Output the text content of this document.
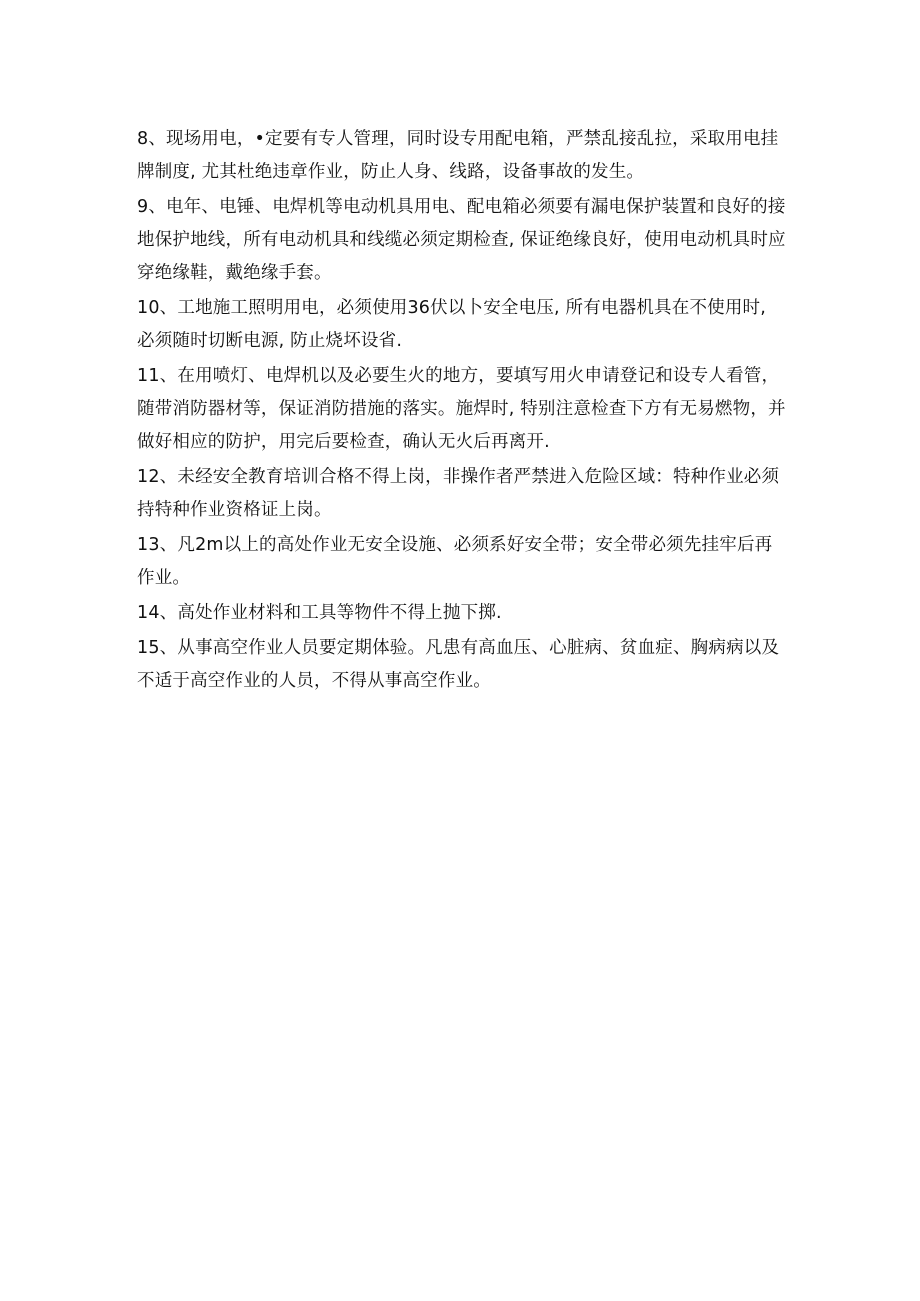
8、现场用电，•定要有专人管理，同时设专用配电箱，严禁乱接乱拉，采取用电挂牌制度, 尤其杜绝违章作业，防止人身、线路，设备事故的发生。

9、电年、电锤、电焊机等电动机具用电、配电箱必须要有漏电保护装置和良好的接地保护地线，所有电动机具和线缆必须定期检查, 保证绝缘良好，使用电动机具时应穿绝缘鞋，戴绝缘手套。

10、工地施工照明用电，必须使用36伏以卜安全电压, 所有电器机具在不使用时, 必须随时切断电源, 防止烧坏设省.

11、在用喷灯、电焊机以及必要生火的地方，要填写用火申请登记和设专人看管，随带消防器材等，保证消防措施的落实。施焊时, 特别注意检查下方有无易燃物，并做好相应的防护，用完后要检查，确认无火后再离开.

12、未经安全教育培训合格不得上岗，非操作者严禁进入危险区域：特种作业必须持特种作业资格证上岗。

13、凡2m以上的高处作业无安全设施、必须系好安全带；安全带必须先挂牢后再作业。

14、高处作业材料和工具等物件不得上抛下掷.

15、从事高空作业人员要定期体验。凡患有高血压、心脏病、贫血症、胸病病以及不适于高空作业的人员，不得从事高空作业。
